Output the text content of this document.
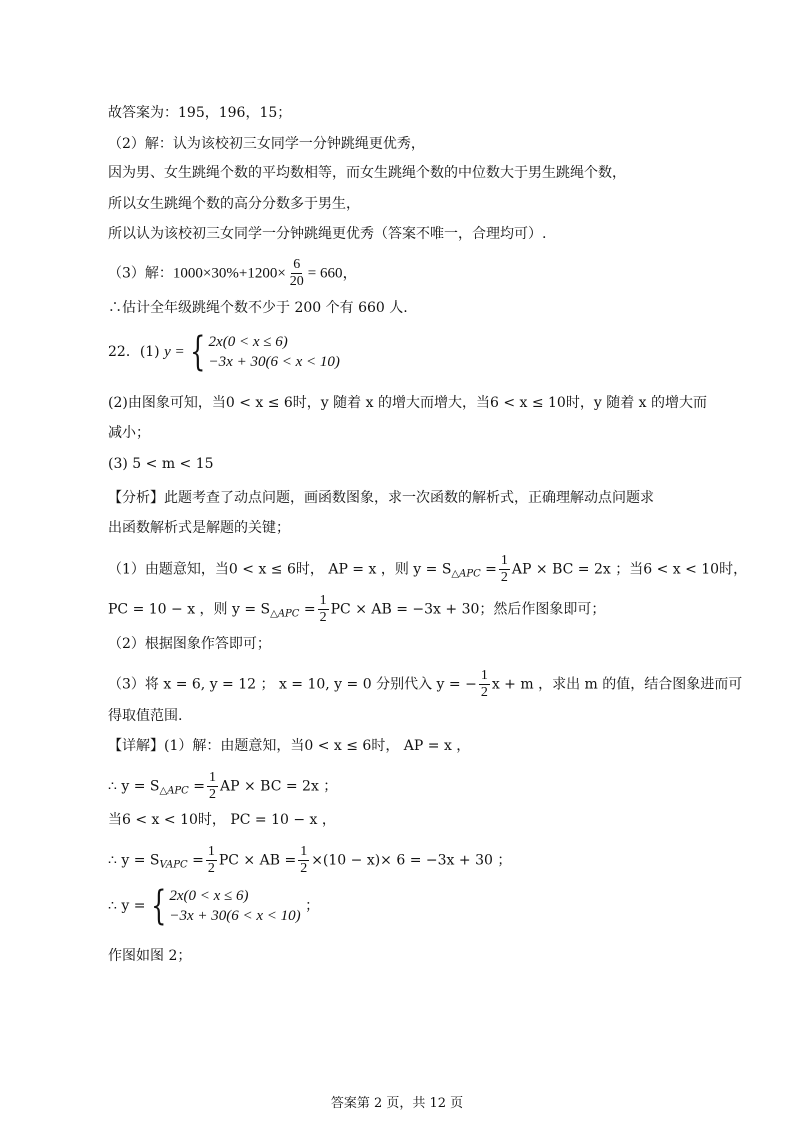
故答案为：195，196，15；
（2）解：认为该校初三女同学一分钟跳绳更优秀，
因为男、女生跳绳个数的平均数相等，而女生跳绳个数的中位数大于男生跳绳个数，
所以女生跳绳个数的高分分数多于男生，
所以认为该校初三女同学一分钟跳绳更优秀（答案不唯一，合理均可）.
（3）解：$1000\times 30\%+1200\times \frac{6}{20} = 660$，
∴估计全年级跳绳个数不少于 200 个有 660 人.
22．(1) y = { 2x(0 < x ≤ 6)
−3x + 30(6 < x < 10)
(2)由图象可知，当0 < x ≤ 6时，y 随着 x 的增大而增大，当6 < x ≤ 10时，y 随着 x 的增大而
减小；
(3) 5 < m < 15
【分析】此题考查了动点问题，画函数图象，求一次函数的解析式，正确理解动点问题求
出函数解析式是解题的关键；
（1）由题意知，当0 < x ≤ 6时， AP = x ，则 $y = S_{\triangle APC} = \frac{1}{2}$ AP × BC = 2x ；当6 < x < 10时，
PC = 10 − x ，则 $y = S_{\triangle APC} = \frac{1}{2}$ PC × AB = −3x + 30；然后作图象即可；
（2）根据图象作答即可；
（3）将 x = 6, y = 12 ； x = 10, y = 0 分别代入 y = − $\frac{1}{2}$ x + m ，求出 m 的值，结合图象进而可
得取值范围.
【详解】(1）解：由题意知，当0 < x ≤ 6时， AP = x ，
∴ $y = S_{\triangle APC} = \frac{1}{2}$ AP × BC = 2x ；
当6 < x < 10时， PC = 10 − x ，
∴ $y = S_{VAPC} = \frac{1}{2}$ PC × AB = $\frac{1}{2} \times(10 - x)\times 6 = -3x + 30$ ；
∴ y = { 2x(0 < x ≤ 6)
−3x + 30(6 < x < 10)
；
作图如图 2；
答案第 2 页，共 12 页
